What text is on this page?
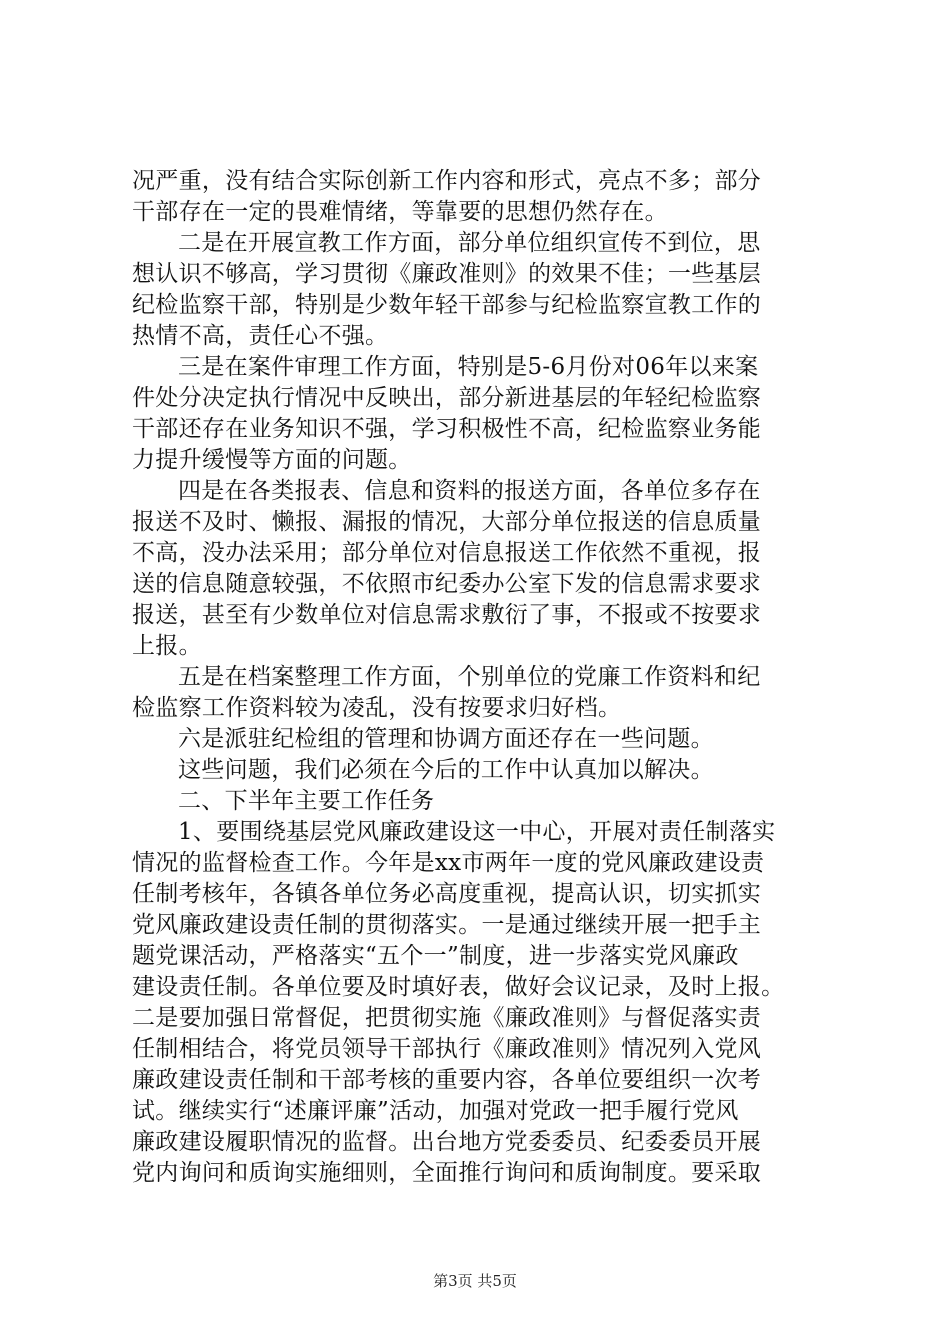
况严重，没有结合实际创新工作内容和形式，亮点不多；部分
干部存在一定的畏难情绪，等靠要的思想仍然存在。
二是在开展宣教工作方面，部分单位组织宣传不到位，思
想认识不够高，学习贯彻《廉政准则》的效果不佳；一些基层
纪检监察干部，特别是少数年轻干部参与纪检监察宣教工作的
热情不高，责任心不强。
三是在案件审理工作方面，特别是5-6月份对06年以来案
件处分决定执行情况中反映出，部分新进基层的年轻纪检监察
干部还存在业务知识不强，学习积极性不高，纪检监察业务能
力提升缓慢等方面的问题。
四是在各类报表、信息和资料的报送方面，各单位多存在
报送不及时、懒报、漏报的情况，大部分单位报送的信息质量
不高，没办法采用；部分单位对信息报送工作依然不重视，报
送的信息随意较强，不依照市纪委办公室下发的信息需求要求
报送，甚至有少数单位对信息需求敷衍了事，不报或不按要求
上报。
五是在档案整理工作方面，个别单位的党廉工作资料和纪
检监察工作资料较为凌乱，没有按要求归好档。
六是派驻纪检组的管理和协调方面还存在一些问题。
这些问题，我们必须在今后的工作中认真加以解决。
二、下半年主要工作任务
1、要围绕基层党风廉政建设这一中心，开展对责任制落实
情况的监督检查工作。今年是xx市两年一度的党风廉政建设责
任制考核年，各镇各单位务必高度重视，提高认识，切实抓实
党风廉政建设责任制的贯彻落实。一是通过继续开展一把手主
题党课活动，严格落实“五个一”制度，进一步落实党风廉政
建设责任制。各单位要及时填好表，做好会议记录，及时上报。
二是要加强日常督促，把贯彻实施《廉政准则》与督促落实责
任制相结合，将党员领导干部执行《廉政准则》情况列入党风
廉政建设责任制和干部考核的重要内容，各单位要组织一次考
试。继续实行“述廉评廉”活动，加强对党政一把手履行党风
廉政建设履职情况的监督。出台地方党委委员、纪委委员开展
党内询问和质询实施细则，全面推行询问和质询制度。要采取
第3页 共5页
